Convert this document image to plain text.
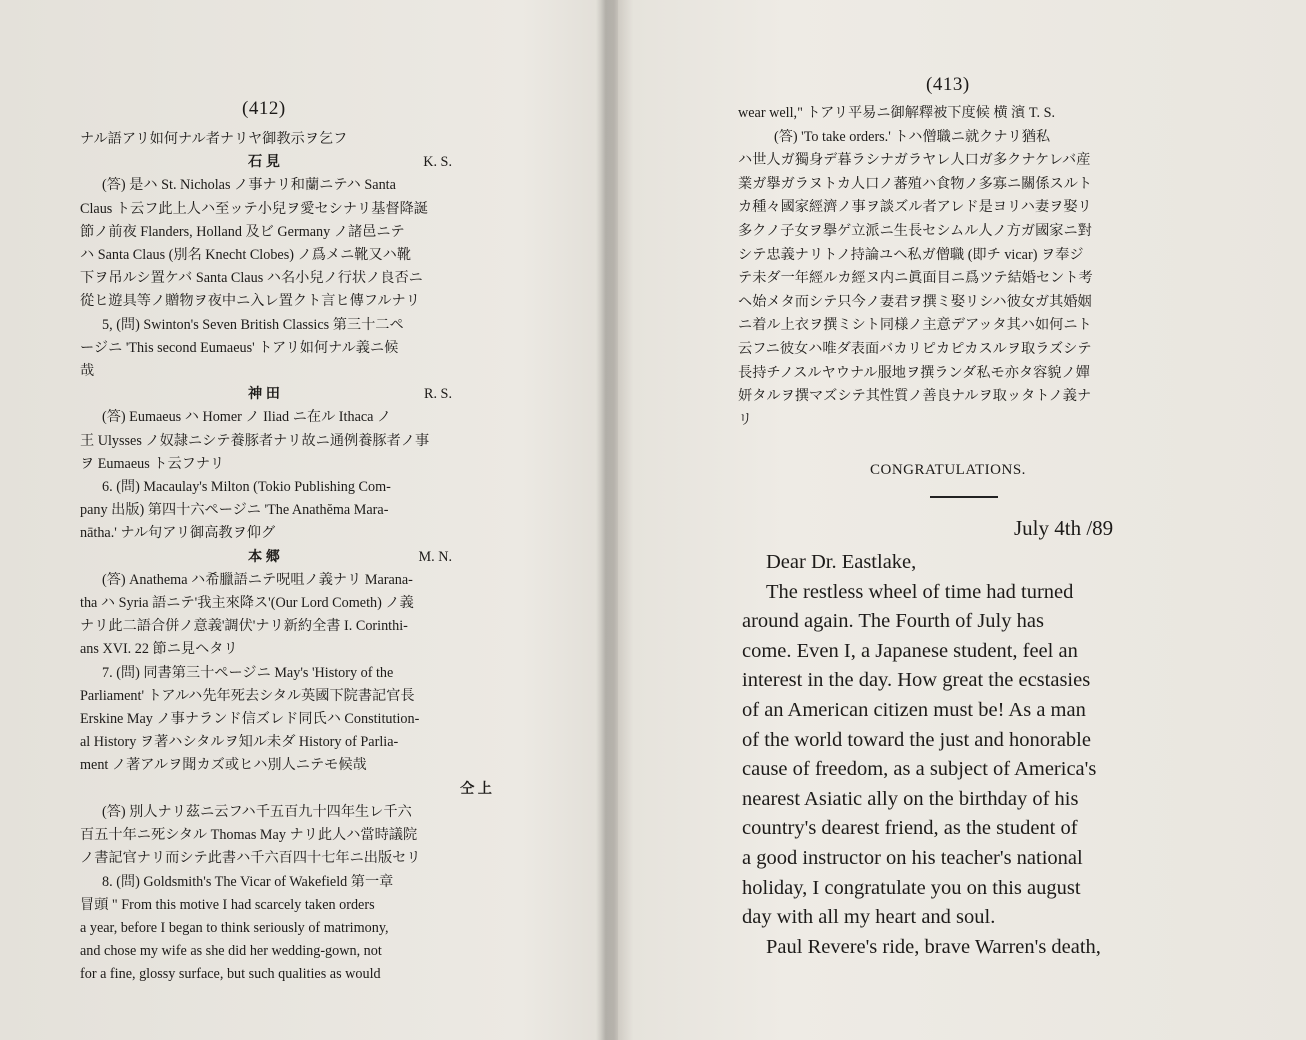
(412)
ナル語アリ如何ナル者ナリヤ御教示ヲ乞フ
石 見	K. S.
(答) 是ハ St. Nicholas ノ事ナリ和蘭ニテハ Santa
Claus ト云フ此上人ハ至ッテ小兒ヲ愛セシナリ基督降誕
節ノ前夜 Flanders, Holland 及ビ Germany ノ諸邑ニテ
ハ Santa Claus (別名 Knecht Clobes) ノ爲メニ靴又ハ靴
下ヲ吊ルシ置ケバ Santa Claus ハ名小兒ノ行状ノ良否ニ
從ヒ遊具等ノ贈物ヲ夜中ニ入レ置クト言ヒ傳フルナリ
5, (問) Swinton's Seven British Classics 第三十二ペ
ージニ 'This second Eumaeus' トアリ如何ナル義ニ候
哉
神 田	R. S.
(答) Eumaeus ハ Homer ノ Iliad ニ在ル Ithaca ノ
王 Ulysses ノ奴隷ニシテ養豚者ナリ故ニ通例養豚者ノ事
ヲ Eumaeus ト云フナリ
6. (問) Macaulay's Milton (Tokio Publishing Com-
pany 出版) 第四十六ページニ 'The Anathĕma Mara-
nātha.' ナル句アリ御高教ヲ仰グ
本 郷	M. N.
(答) Anathema ハ希臘語ニテ呪咀ノ義ナリ Marana-
tha ハ Syria 語ニテ'我主來降ス'(Our Lord Cometh) ノ義
ナリ此二語合併ノ意義'調伏'ナリ新約全書 I. Corinthi-
ans XVI. 22 節ニ見ヘタリ
7. (問) 同書第三十ページニ May's 'History of the
Parliament' トアルハ先年死去シタル英國下院書記官長
Erskine May ノ事ナランド信ズレド同氏ハ Constitution-
al History ヲ著ハシタルヲ知ル未ダ History of Parlia-
ment ノ著アルヲ聞カズ或ヒハ別人ニテモ候哉
仝 上
(答) 別人ナリ茲ニ云フハ千五百九十四年生レ千六
百五十年ニ死シタル Thomas May ナリ此人ハ當時議院
ノ書記官ナリ而シテ此書ハ千六百四十七年ニ出版セリ
8. (問) Goldsmith's The Vicar of Wakefield 第一章
冒頭 " From this motive I had scarcely taken orders
a year, before I began to think seriously of matrimony,
and chose my wife as she did her wedding-gown, not
for a fine, glossy surface, but such qualities as would
(413)
wear well," トアリ平易ニ御解釋被下度候 横 濱 T. S.
(答) 'To take orders.' トハ僧職ニ就クナリ猶私
ハ世人ガ獨身デ暮ラシナガラヤレ人口ガ多クナケレバ産
業ガ擧ガラヌトカ人口ノ蕃殖ハ食物ノ多寡ニ關係スルト
カ種々國家經濟ノ事ヲ談ズル者アレド是ヨリハ妻ヲ娶リ
多クノ子女ヲ擧ゲ立派ニ生長セシムル人ノ方ガ國家ニ對
シテ忠義ナリトノ持論ユヘ私ガ僧職 (即チ vicar) ヲ奉ジ
テ未ダ一年經ルカ經ヌ内ニ眞面目ニ爲ツテ結婚セント考
ヘ始メタ而シテ只今ノ妻君ヲ撰ミ娶リシハ彼女ガ其婚姻
ニ着ル上衣ヲ撰ミシト同様ノ主意デアッタ其ハ如何ニト
云フニ彼女ハ唯ダ表面バカリピカピカスルヲ取ラズシテ
長持チノスルヤウナル服地ヲ撰ランダ私モ亦タ容貌ノ嬋
妍タルヲ撰マズシテ其性質ノ善良ナルヲ取ッタトノ義ナ
リ
CONGRATULATIONS.
July 4th /89
Dear Dr. Eastlake,
The restless wheel of time had turned
around again. The Fourth of July has
come. Even I, a Japanese student, feel an
interest in the day. How great the ecstasies
of an American citizen must be! As a man
of the world toward the just and honorable
cause of freedom, as a subject of America's
nearest Asiatic ally on the birthday of his
country's dearest friend, as the student of
a good instructor on his teacher's national
holiday, I congratulate you on this august
day with all my heart and soul.
Paul Revere's ride, brave Warren's death,
